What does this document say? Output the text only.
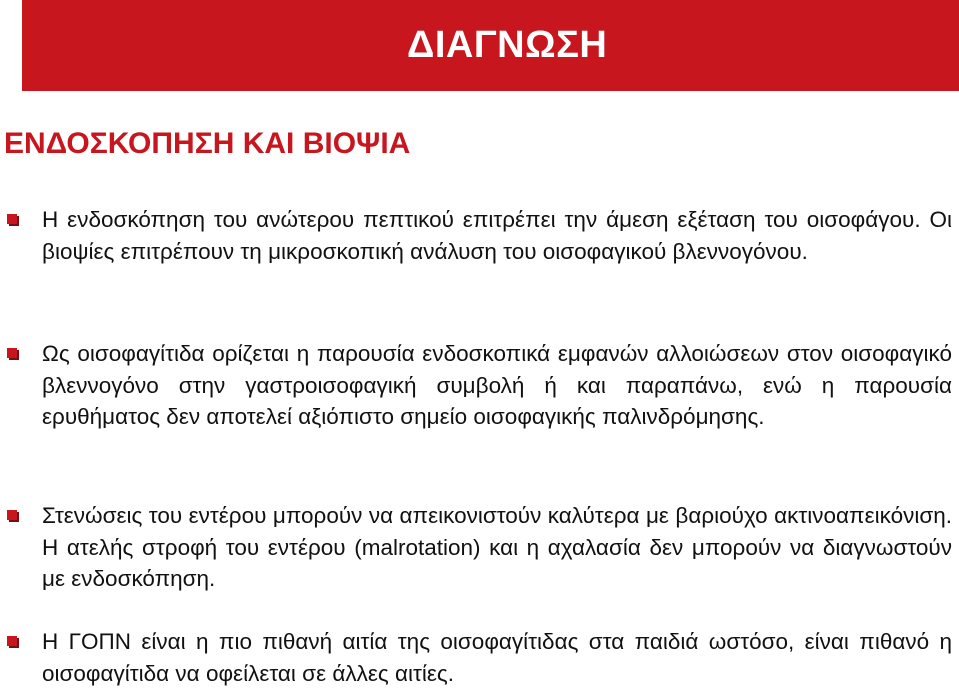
ΔΙΑΓΝΩΣΗ
ΕΝΔΟΣΚΟΠΗΣΗ ΚΑΙ ΒΙΟΨΙΑ
Η ενδοσκόπηση του ανώτερου πεπτικού επιτρέπει την άμεση εξέταση του οισοφάγου. Οι βιοψίες επιτρέπουν τη μικροσκοπική ανάλυση του οισοφαγικού βλεννογόνου.
Ως οισοφαγίτιδα ορίζεται η παρουσία ενδοσκοπικά εμφανών αλλοιώσεων στον οισοφαγικό βλεννογόνο στην γαστροισοφαγική συμβολή ή και παραπάνω, ενώ η παρουσία ερυθήματος δεν αποτελεί αξιόπιστο σημείο οισοφαγικής παλινδρόμησης.
Στενώσεις του εντέρου μπορούν να απεικονιστούν καλύτερα με βαριούχο ακτινοαπεικόνιση. Η ατελής στροφή του εντέρου (malrotation) και η αχαλασία δεν μπορούν να διαγνωστούν με ενδοσκόπηση.
Η ΓΟΠΝ είναι η πιο πιθανή αιτία της οισοφαγίτιδας στα παιδιά ωστόσο, είναι πιθανό η οισοφαγίτιδα να οφείλεται σε άλλες αιτίες.
